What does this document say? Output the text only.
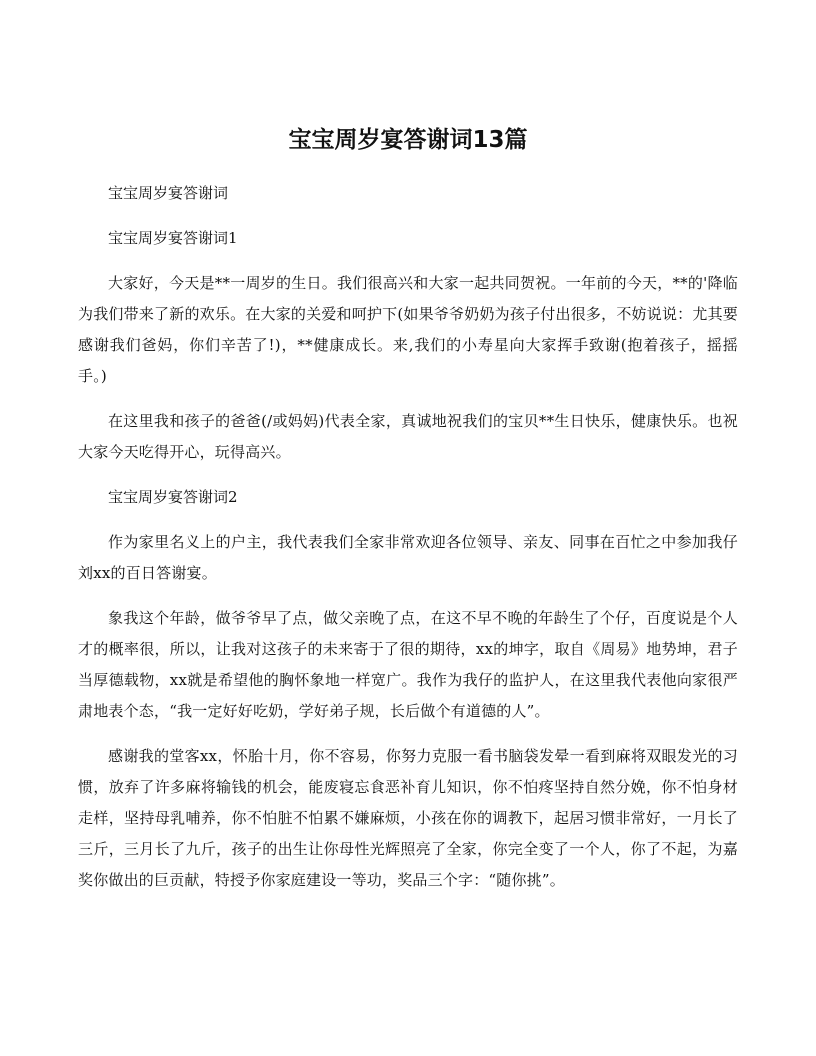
宝宝周岁宴答谢词13篇

宝宝周岁宴答谢词

宝宝周岁宴答谢词1

大家好，今天是**一周岁的生日。我们很高兴和大家一起共同贺祝。一年前的今天，**的'降临为我们带来了新的欢乐。在大家的关爱和呵护下(如果爷爷奶奶为孩子付出很多，不妨说说：尤其要感谢我们爸妈，你们辛苦了!)，**健康成长。来,我们的小寿星向大家挥手致谢(抱着孩子，摇摇手。)

在这里我和孩子的爸爸(/或妈妈)代表全家，真诚地祝我们的宝贝**生日快乐，健康快乐。也祝大家今天吃得开心，玩得高兴。

宝宝周岁宴答谢词2

作为家里名义上的户主，我代表我们全家非常欢迎各位领导、亲友、同事在百忙之中参加我仔刘xx的百日答谢宴。

象我这个年龄，做爷爷早了点，做父亲晚了点，在这不早不晚的年龄生了个仔，百度说是个人才的概率很，所以，让我对这孩子的未来寄于了很的期待，xx的坤字，取自《周易》地势坤，君子当厚德载物，xx就是希望他的胸怀象地一样宽广。我作为我仔的监护人，在这里我代表他向家很严肃地表个态，“我一定好好吃奶，学好弟子规，长后做个有道德的人”。

感谢我的堂客xx，怀胎十月，你不容易，你努力克服一看书脑袋发晕一看到麻将双眼发光的习惯，放弃了许多麻将输钱的机会，能废寝忘食恶补育儿知识，你不怕疼坚持自然分娩，你不怕身材走样，坚持母乳哺养，你不怕脏不怕累不嫌麻烦，小孩在你的调教下，起居习惯非常好，一月长了三斤，三月长了九斤，孩子的出生让你母性光辉照亮了全家，你完全变了一个人，你了不起，为嘉奖你做出的巨贡献，特授予你家庭建设一等功，奖品三个字：“随你挑”。
